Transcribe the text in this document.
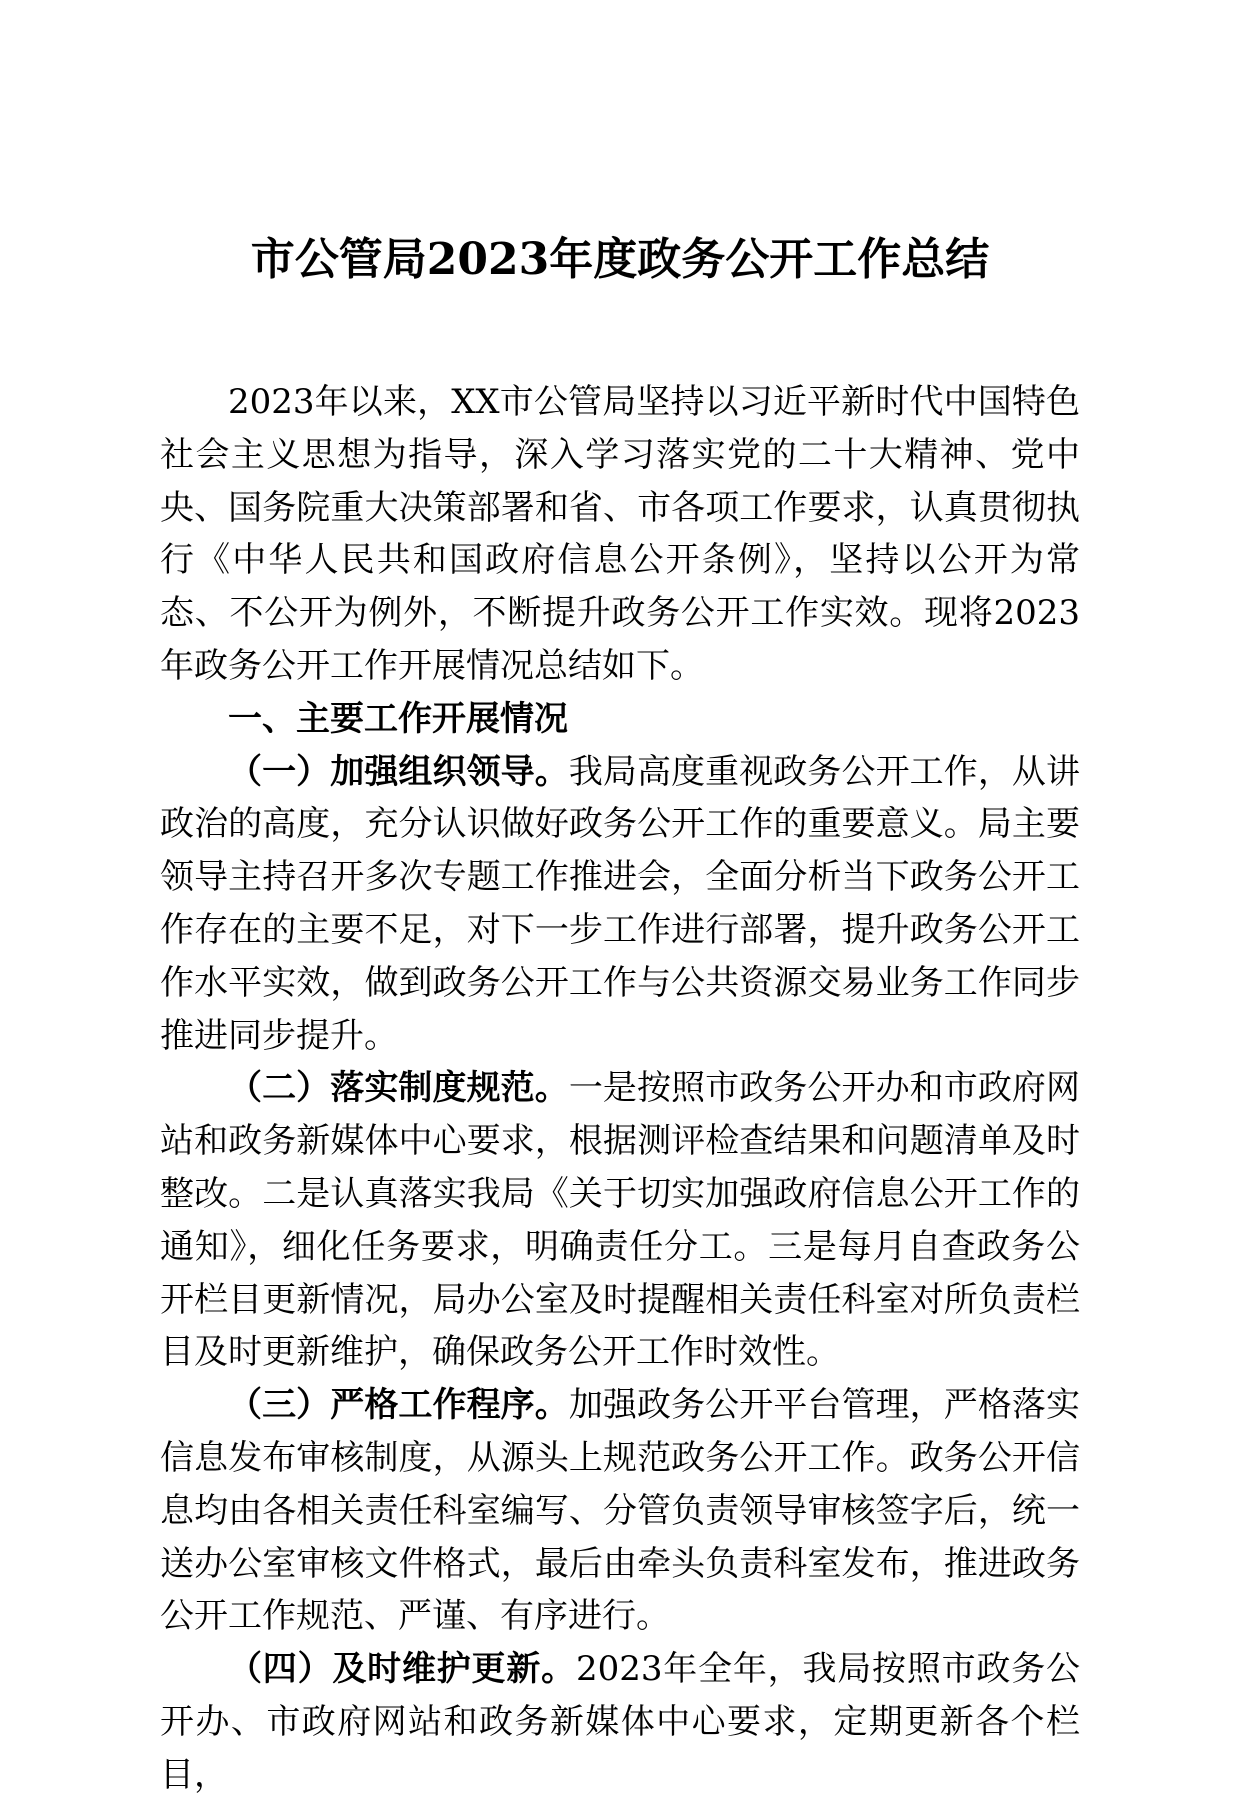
市公管局2023年度政务公开工作总结

2023年以来，XX市公管局坚持以习近平新时代中国特色社会主义思想为指导，深入学习落实党的二十大精神、党中央、国务院重大决策部署和省、市各项工作要求，认真贯彻执行《中华人民共和国政府信息公开条例》，坚持以公开为常态、不公开为例外，不断提升政务公开工作实效。现将2023年政务公开工作开展情况总结如下。

一、主要工作开展情况

（一）加强组织领导。我局高度重视政务公开工作，从讲政治的高度，充分认识做好政务公开工作的重要意义。局主要领导主持召开多次专题工作推进会，全面分析当下政务公开工作存在的主要不足，对下一步工作进行部署，提升政务公开工作水平实效，做到政务公开工作与公共资源交易业务工作同步推进同步提升。

（二）落实制度规范。一是按照市政务公开办和市政府网站和政务新媒体中心要求，根据测评检查结果和问题清单及时整改。二是认真落实我局《关于切实加强政府信息公开工作的通知》，细化任务要求，明确责任分工。三是每月自查政务公开栏目更新情况，局办公室及时提醒相关责任科室对所负责栏目及时更新维护，确保政务公开工作时效性。

（三）严格工作程序。加强政务公开平台管理，严格落实信息发布审核制度，从源头上规范政务公开工作。政务公开信息均由各相关责任科室编写、分管负责领导审核签字后，统一送办公室审核文件格式，最后由牵头负责科室发布，推进政务公开工作规范、严谨、有序进行。

（四）及时维护更新。2023年全年，我局按照市政务公开办、市政府网站和政务新媒体中心要求，定期更新各个栏目，
